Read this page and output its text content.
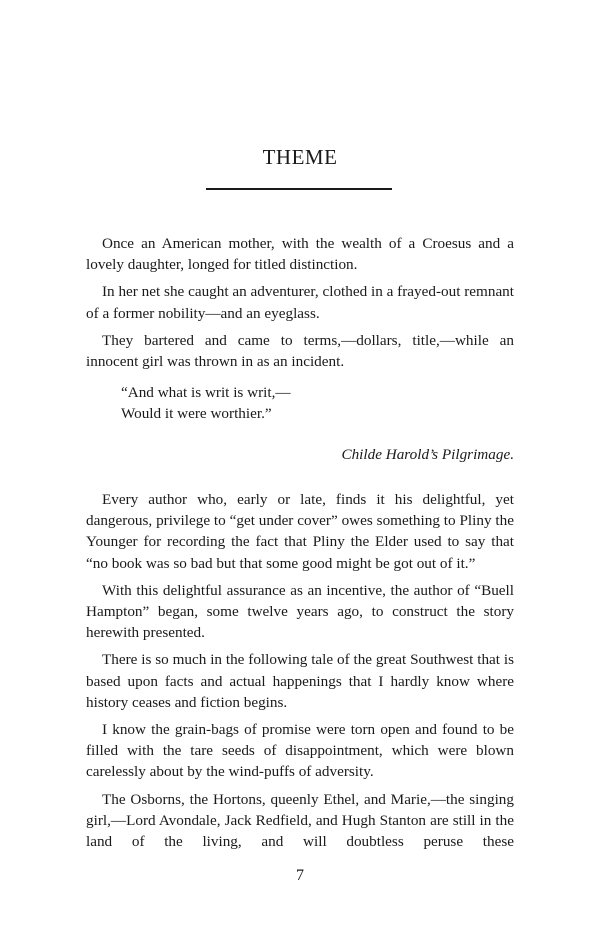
THEME

Once an American mother, with the wealth of a Croesus and a lovely daughter, longed for titled distinction.

In her net she caught an adventurer, clothed in a frayed-out remnant of a former nobility—and an eyeglass.

They bartered and came to terms,—dollars, title,—while an innocent girl was thrown in as an incident.

“And what is writ is writ,—
Would it were worthier.”
Childe Harold’s Pilgrimage.

Every author who, early or late, finds it his delightful, yet dangerous, privilege to “get under cover” owes something to Pliny the Younger for recording the fact that Pliny the Elder used to say that “no book was so bad but that some good might be got out of it.”

With this delightful assurance as an incentive, the author of “Buell Hampton” began, some twelve years ago, to construct the story herewith presented.

There is so much in the following tale of the great Southwest that is based upon facts and actual happenings that I hardly know where history ceases and fiction begins.

I know the grain-bags of promise were torn open and found to be filled with the tare seeds of disappointment, which were blown carelessly about by the wind-puffs of adversity.

The Osborns, the Hortons, queenly Ethel, and Marie,—the singing girl,—Lord Avondale, Jack Redfield, and Hugh Stanton are still in the land of the living, and will doubtless peruse these

7
